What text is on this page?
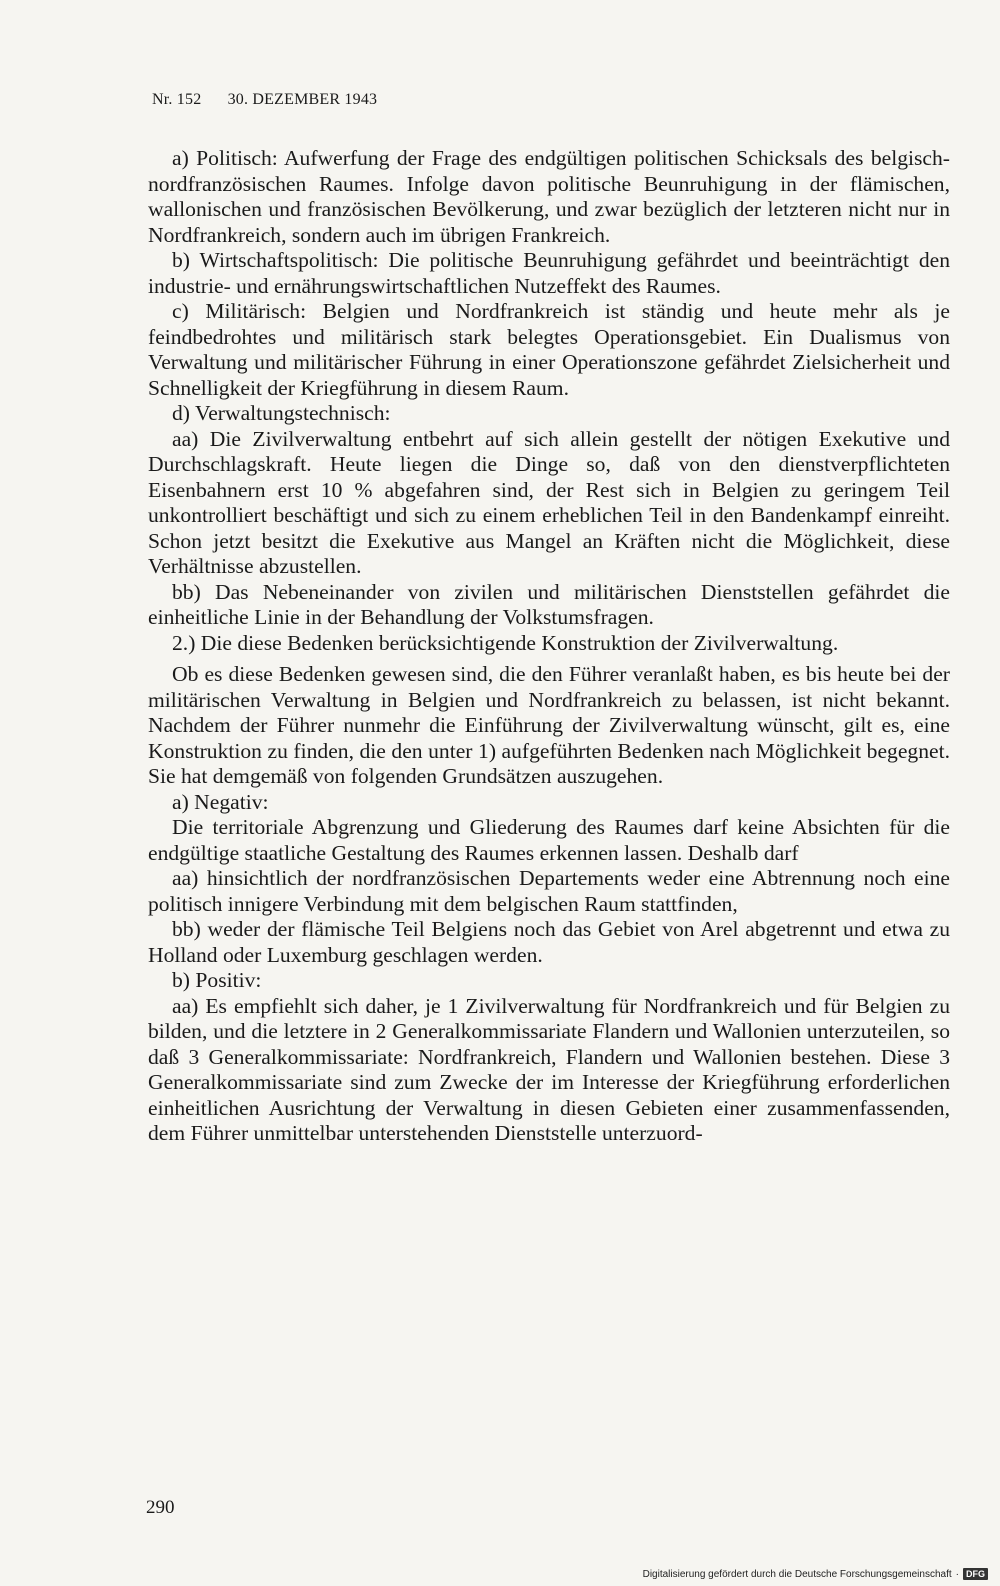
Nr. 152 30. DEZEMBER 1943

a) Politisch: Aufwerfung der Frage des endgültigen politischen Schicksals des belgisch-nordfranzösischen Raumes. Infolge davon politische Beunruhigung in der flämischen, wallonischen und französischen Bevölkerung, und zwar bezüglich der letzteren nicht nur in Nordfrankreich, sondern auch im übrigen Frankreich.

b) Wirtschaftspolitisch: Die politische Beunruhigung gefährdet und beeinträchtigt den industrie- und ernährungswirtschaftlichen Nutzeffekt des Raumes.

c) Militärisch: Belgien und Nordfrankreich ist ständig und heute mehr als je feindbedrohtes und militärisch stark belegtes Operationsgebiet. Ein Dualismus von Verwaltung und militärischer Führung in einer Operationszone gefährdet Zielsicherheit und Schnelligkeit der Kriegführung in diesem Raum.

d) Verwaltungstechnisch:

aa) Die Zivilverwaltung entbehrt auf sich allein gestellt der nötigen Exekutive und Durchschlagskraft. Heute liegen die Dinge so, daß von den dienstverpflichteten Eisenbahnern erst 10 % abgefahren sind, der Rest sich in Belgien zu geringem Teil unkontrolliert beschäftigt und sich zu einem erheblichen Teil in den Bandenkampf einreiht. Schon jetzt besitzt die Exekutive aus Mangel an Kräften nicht die Möglichkeit, diese Verhältnisse abzustellen.

bb) Das Nebeneinander von zivilen und militärischen Dienststellen gefährdet die einheitliche Linie in der Behandlung der Volkstumsfragen.

2.) Die diese Bedenken berücksichtigende Konstruktion der Zivilverwaltung.

Ob es diese Bedenken gewesen sind, die den Führer veranlaßt haben, es bis heute bei der militärischen Verwaltung in Belgien und Nordfrankreich zu belassen, ist nicht bekannt. Nachdem der Führer nunmehr die Einführung der Zivilverwaltung wünscht, gilt es, eine Konstruktion zu finden, die den unter 1) aufgeführten Bedenken nach Möglichkeit begegnet. Sie hat demgemäß von folgenden Grundsätzen auszugehen.

a) Negativ:

Die territoriale Abgrenzung und Gliederung des Raumes darf keine Absichten für die endgültige staatliche Gestaltung des Raumes erkennen lassen. Deshalb darf

aa) hinsichtlich der nordfranzösischen Departements weder eine Abtrennung noch eine politisch innigere Verbindung mit dem belgischen Raum stattfinden,

bb) weder der flämische Teil Belgiens noch das Gebiet von Arel abgetrennt und etwa zu Holland oder Luxemburg geschlagen werden.

b) Positiv:

aa) Es empfiehlt sich daher, je 1 Zivilverwaltung für Nordfrankreich und für Belgien zu bilden, und die letztere in 2 Generalkommissariate Flandern und Wallonien unterzuteilen, so daß 3 Generalkommissariate: Nordfrankreich, Flandern und Wallonien bestehen. Diese 3 Generalkommissariate sind zum Zwecke der im Interesse der Kriegführung erforderlichen einheitlichen Ausrichtung der Verwaltung in diesen Gebieten einer zusammenfassenden, dem Führer unmittelbar unterstehenden Dienststelle unterzuord-

290
Digitalisierung gefördert durch die Deutsche Forschungsgemeinschaft · DFG
